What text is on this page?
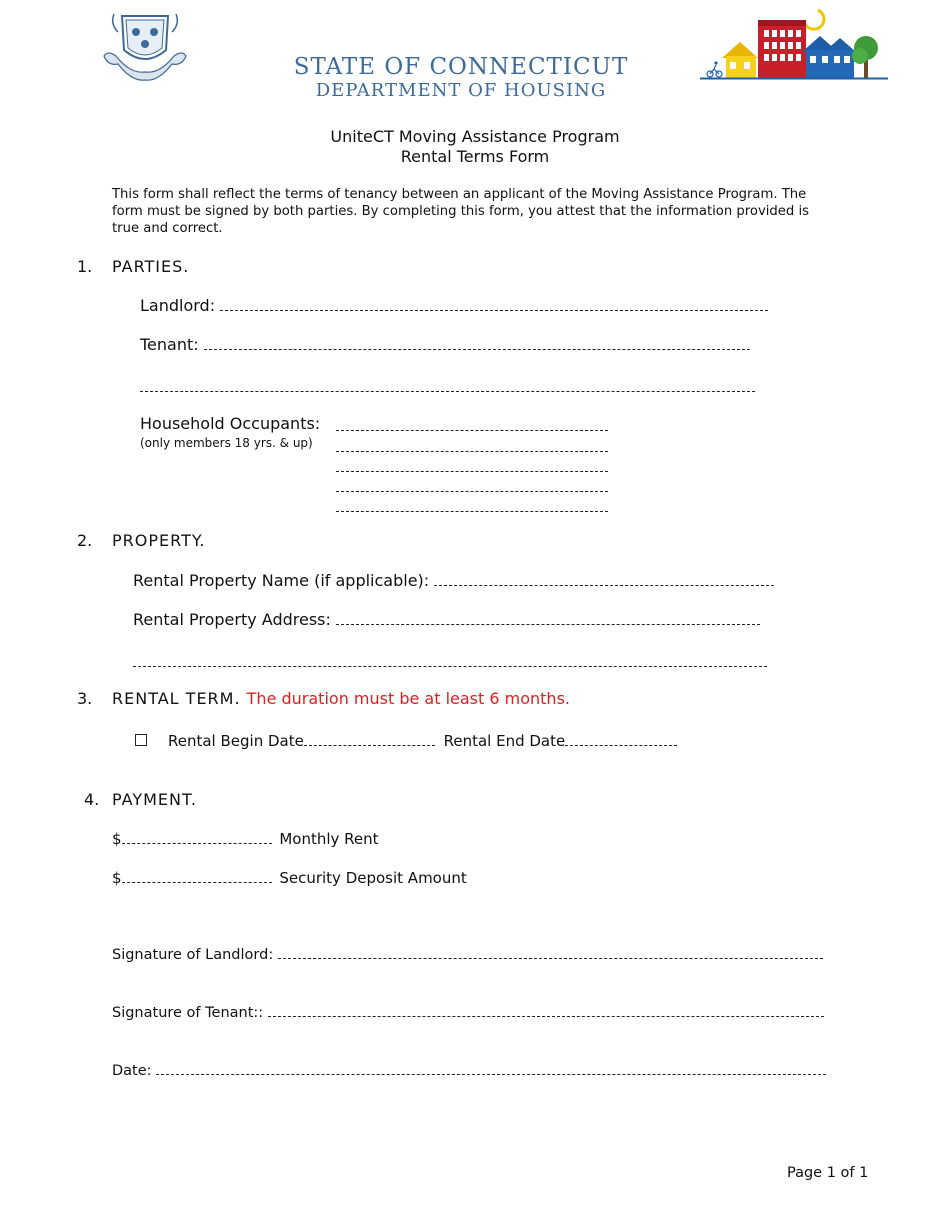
STATE OF CONNECTICUT
DEPARTMENT OF HOUSING
UniteCT Moving Assistance Program
Rental Terms Form
This form shall reflect the terms of tenancy between an applicant of the Moving Assistance Program. The form must be signed by both parties. By completing this form, you attest that the information provided is true and correct.
1. PARTIES.
Landlord:
Tenant:
Household Occupants:
(only members 18 yrs. & up)
2. PROPERTY.
Rental Property Name (if applicable):
Rental Property Address:
3. RENTAL TERM. The duration must be at least 6 months.
Rental Begin Date	Rental End Date
4. PAYMENT.
$	Monthly Rent
$	Security Deposit Amount
Signature of Landlord:
Signature of Tenant::
Date:
Page 1 of 1
